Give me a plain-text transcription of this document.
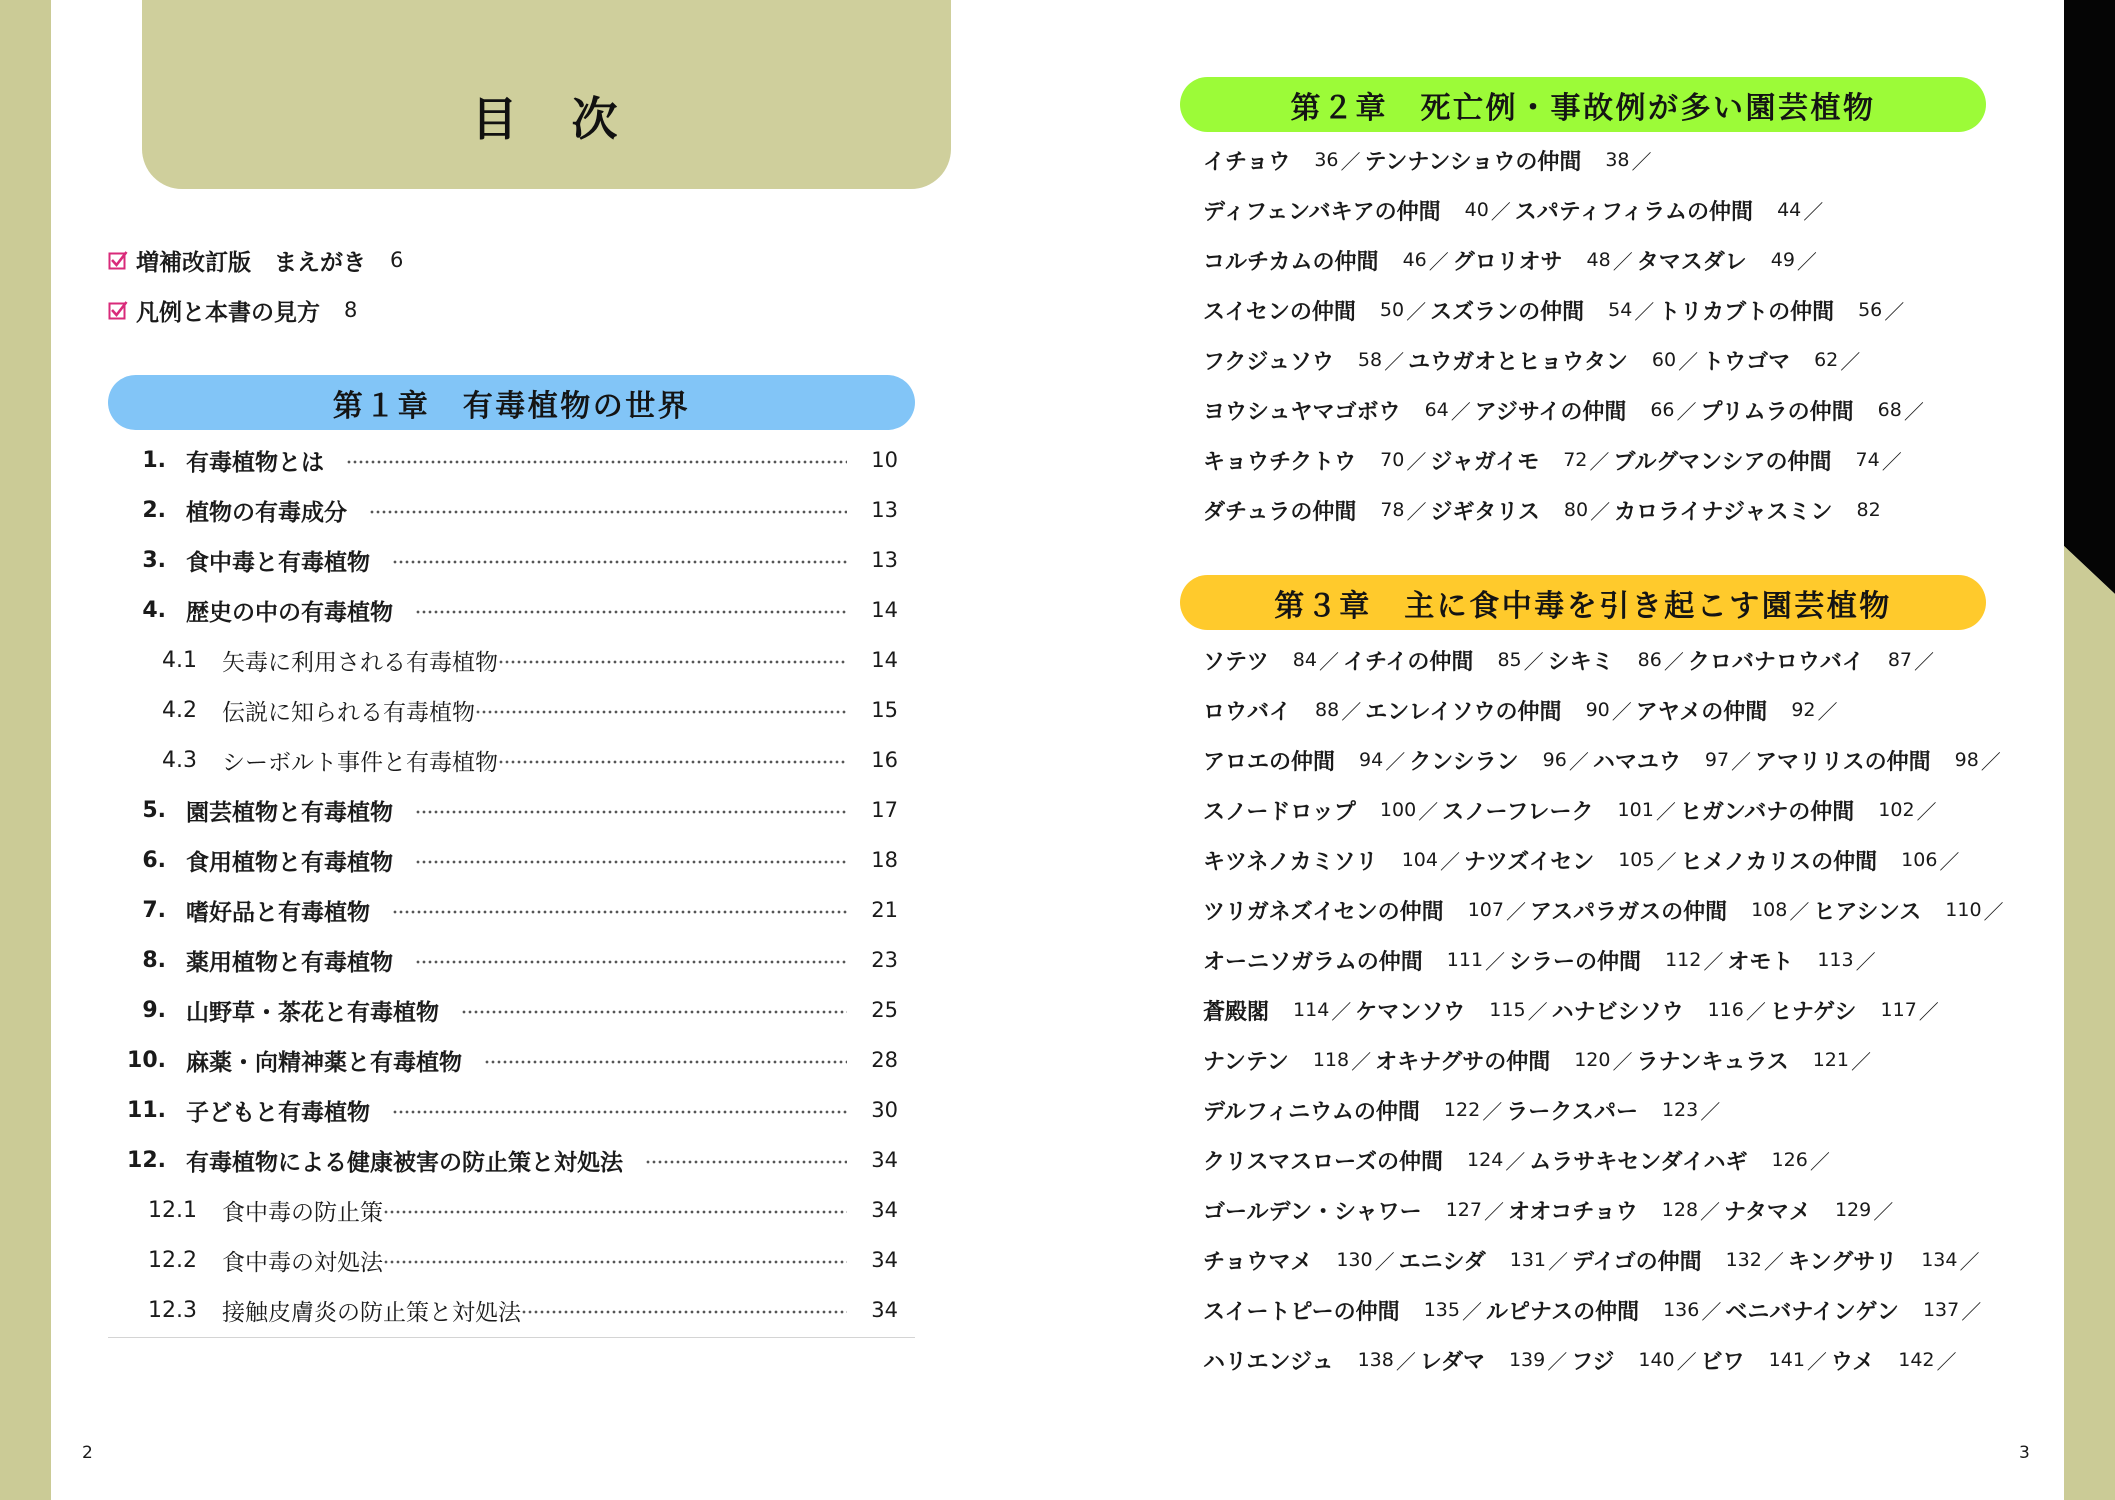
目　次
増補改訂版　まえがき 6
凡例と本書の見方 8
第１章　有毒植物の世界
1. 有毒植物とは	10
2. 植物の有毒成分	13
3. 食中毒と有毒植物	13
4. 歴史の中の有毒植物	14
4.1 矢毒に利用される有毒植物	14
4.2 伝説に知られる有毒植物	15
4.3 シーボルト事件と有毒植物	16
5. 園芸植物と有毒植物	17
6. 食用植物と有毒植物	18
7. 嗜好品と有毒植物	21
8. 薬用植物と有毒植物	23
9. 山野草・茶花と有毒植物	25
10. 麻薬・向精神薬と有毒植物	28
11. 子どもと有毒植物	30
12. 有毒植物による健康被害の防止策と対処法	34
12.1 食中毒の防止策	34
12.2 食中毒の対処法	34
12.3 接触皮膚炎の防止策と対処法	34
2
第２章　死亡例・事故例が多い園芸植物
イチョウ 36 ／ テンナンショウの仲間 38 ／
ディフェンバキアの仲間 40 ／ スパティフィラムの仲間 44 ／
コルチカムの仲間 46 ／ グロリオサ 48 ／ タマスダレ 49 ／
スイセンの仲間 50 ／ スズランの仲間 54 ／ トリカブトの仲間 56 ／
フクジュソウ 58 ／ ユウガオとヒョウタン 60 ／ トウゴマ 62 ／
ヨウシュヤマゴボウ 64 ／ アジサイの仲間 66 ／ プリムラの仲間 68 ／
キョウチクトウ 70 ／ ジャガイモ 72 ／ ブルグマンシアの仲間 74 ／
ダチュラの仲間 78 ／ ジギタリス 80 ／ カロライナジャスミン 82
第３章　主に食中毒を引き起こす園芸植物
ソテツ 84 ／ イチイの仲間 85 ／ シキミ 86 ／ クロバナロウバイ 87 ／
ロウバイ 88 ／ エンレイソウの仲間 90 ／ アヤメの仲間 92 ／
アロエの仲間 94 ／ クンシラン 96 ／ ハマユウ 97 ／ アマリリスの仲間 98 ／
スノードロップ 100 ／ スノーフレーク 101 ／ ヒガンバナの仲間 102 ／
キツネノカミソリ 104 ／ ナツズイセン 105 ／ ヒメノカリスの仲間 106 ／
ツリガネズイセンの仲間 107 ／ アスパラガスの仲間 108 ／ ヒアシンス 110 ／
オーニソガラムの仲間 111 ／ シラーの仲間 112 ／ オモト 113 ／
蒼殿閣 114 ／ ケマンソウ 115 ／ ハナビシソウ 116 ／ ヒナゲシ 117 ／
ナンテン 118 ／ オキナグサの仲間 120 ／ ラナンキュラス 121 ／
デルフィニウムの仲間 122 ／ ラークスパー 123 ／
クリスマスローズの仲間 124 ／ ムラサキセンダイハギ 126 ／
ゴールデン・シャワー 127 ／ オオコチョウ 128 ／ ナタマメ 129 ／
チョウマメ 130 ／ エニシダ 131 ／ デイゴの仲間 132 ／ キングサリ 134 ／
スイートピーの仲間 135 ／ ルピナスの仲間 136 ／ ベニバナインゲン 137 ／
ハリエンジュ 138 ／ レダマ 139 ／ フジ 140 ／ ビワ 141 ／ ウメ 142 ／
3
